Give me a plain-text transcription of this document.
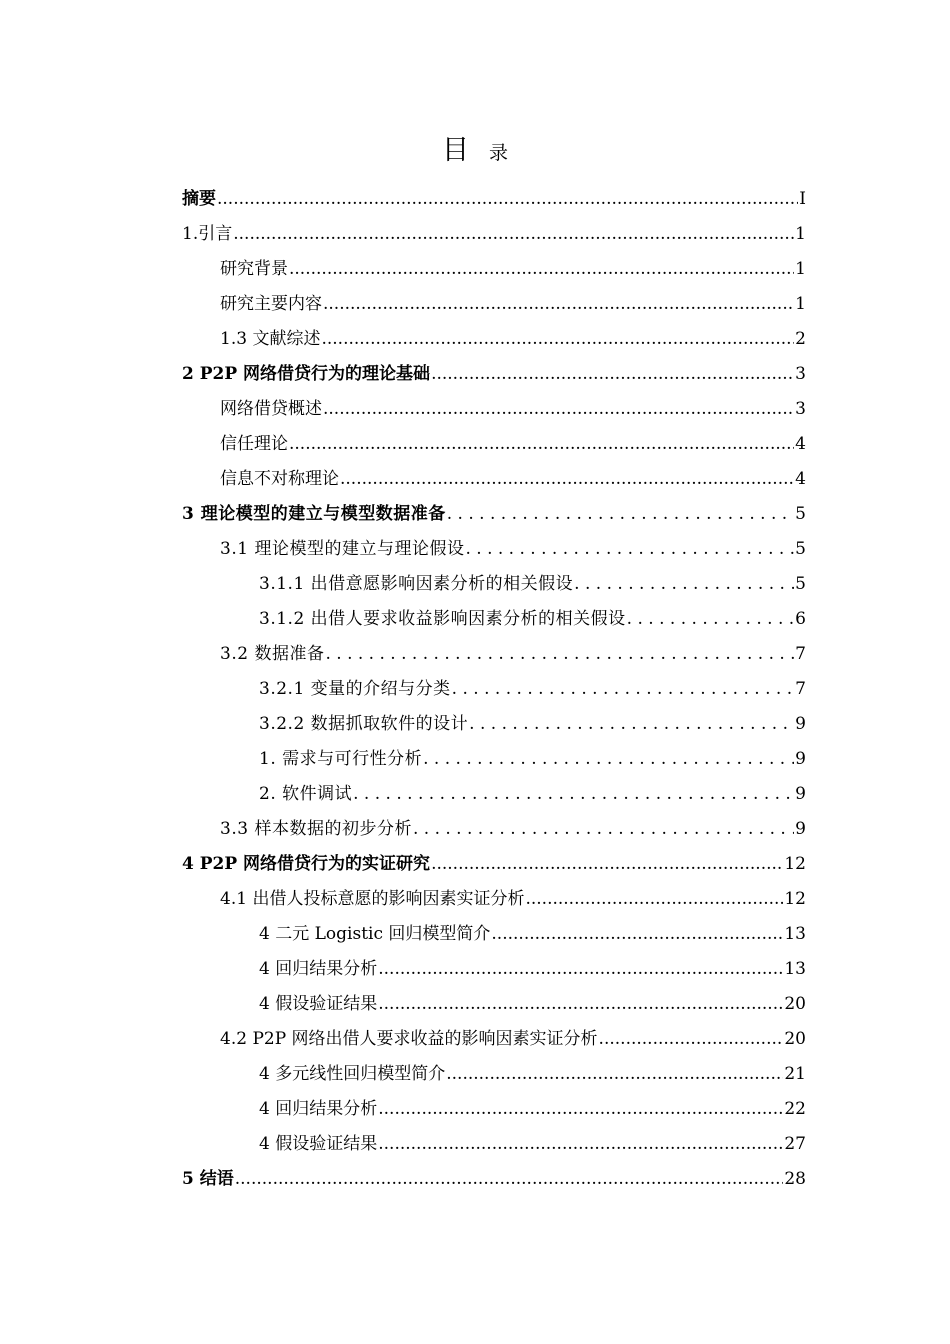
目 录
摘要 .....	I
1.引言 .....	1
研究背景 .....	1
研究主要内容 .....	1
1.3 文献综述 .....	2
2 P2P 网络借贷行为的理论基础 .....	3
网络借贷概述 .....	3
信任理论 .....	4
信息不对称理论 .....	4
3 理论模型的建立与模型数据准备 . . .	5
3.1 理论模型的建立与理论假设 . . .	5
3.1.1 出借意愿影响因素分析的相关假设 . . .	5
3.1.2 出借人要求收益影响因素分析的相关假设 . . .	6
3.2 数据准备 . . .	7
3.2.1 变量的介绍与分类 . . .	7
3.2.2 数据抓取软件的设计 . . .	9
1. 需求与可行性分析 . . .	9
2. 软件调试 . . .	9
3.3 样本数据的初步分析 . . .	9
4 P2P 网络借贷行为的实证研究 .....	12
4.1 出借人投标意愿的影响因素实证分析 .....	12
4 二元 Logistic 回归模型简介 .....	13
4 回归结果分析 .....	13
4 假设验证结果 .....	20
4.2 P2P 网络出借人要求收益的影响因素实证分析 .....	20
4 多元线性回归模型简介 .....	21
4 回归结果分析 .....	22
4 假设验证结果 .....	27
5 结语 .....	28
